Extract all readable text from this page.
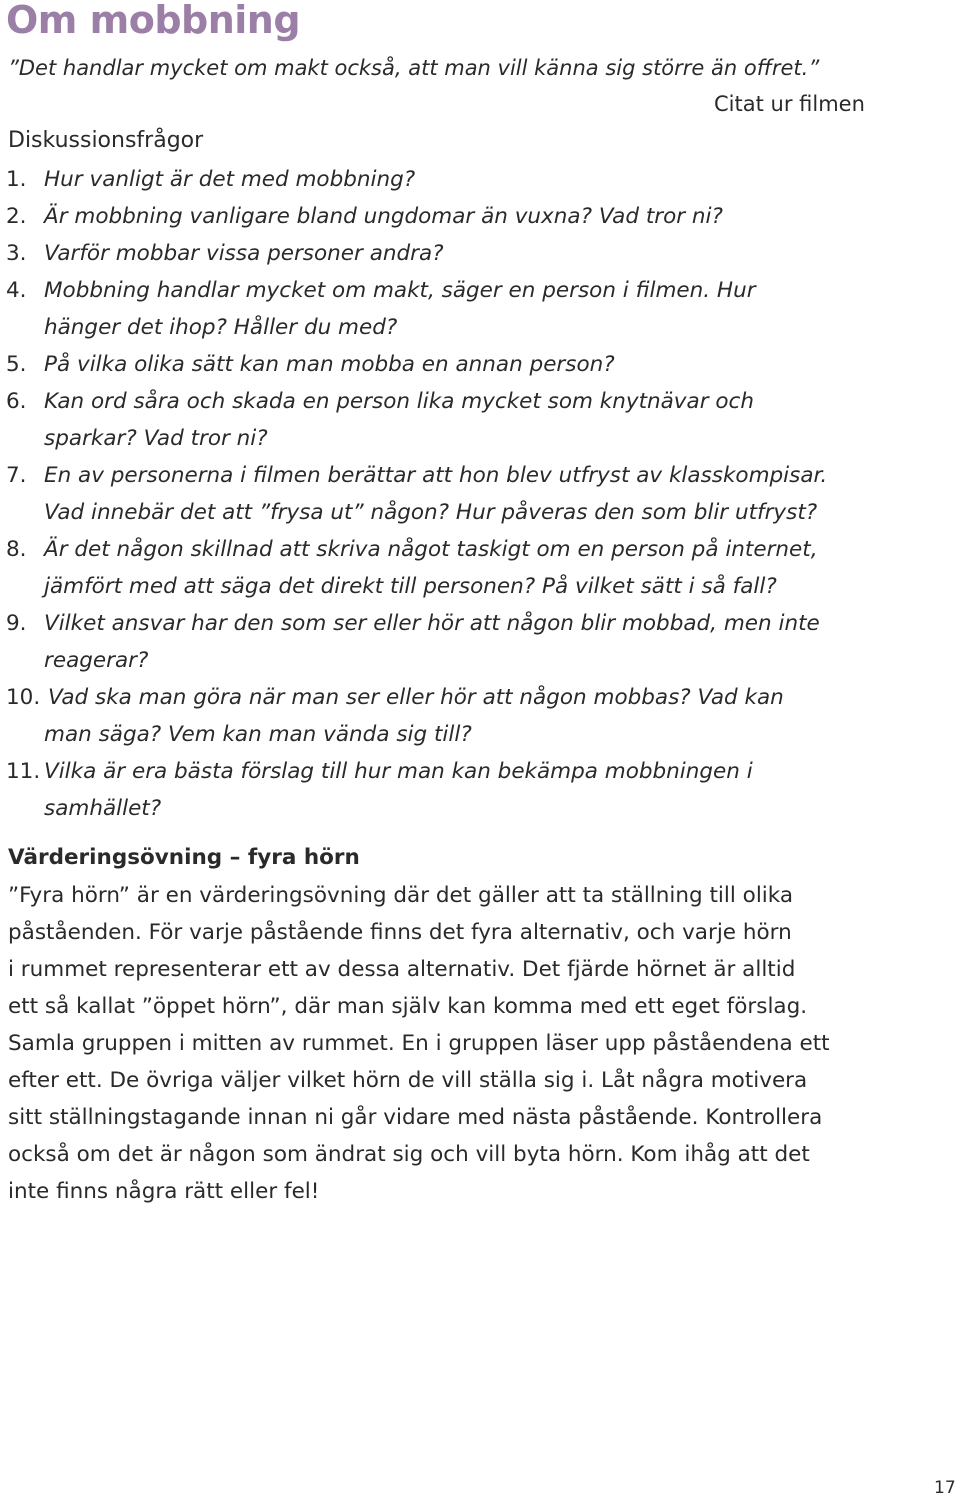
Om mobbning
”Det handlar mycket om makt också, att man vill känna sig större än offret.”
Citat ur filmen
Diskussionsfrågor
1. Hur vanligt är det med mobbning?
2. Är mobbning vanligare bland ungdomar än vuxna? Vad tror ni?
3. Varför mobbar vissa personer andra?
4. Mobbning handlar mycket om makt, säger en person i filmen. Hur
hänger det ihop? Håller du med?
5. På vilka olika sätt kan man mobba en annan person?
6. Kan ord såra och skada en person lika mycket som knytnävar och
sparkar? Vad tror ni?
7. En av personerna i filmen berättar att hon blev utfryst av klasskompisar.
Vad innebär det att ”frysa ut” någon? Hur påveras den som blir utfryst?
8. Är det någon skillnad att skriva något taskigt om en person på internet,
jämfört med att säga det direkt till personen? På vilket sätt i så fall?
9. Vilket ansvar har den som ser eller hör att någon blir mobbad, men inte
reagerar?
10. Vad ska man göra när man ser eller hör att någon mobbas? Vad kan
man säga? Vem kan man vända sig till?
11. Vilka är era bästa förslag till hur man kan bekämpa mobbningen i
samhället?
Värderingsövning – fyra hörn

”Fyra hörn” är en värderingsövning där det gäller att ta ställning till olika
påståenden. För varje påstående finns det fyra alternativ, och varje hörn
i rummet representerar ett av dessa alternativ. Det fjärde hörnet är alltid
ett så kallat ”öppet hörn”, där man själv kan komma med ett eget förslag.
Samla gruppen i mitten av rummet. En i gruppen läser upp påståendena ett
efter ett. De övriga väljer vilket hörn de vill ställa sig i. Låt några motivera
sitt ställningstagande innan ni går vidare med nästa påstående. Kontrollera
också om det är någon som ändrat sig och vill byta hörn. Kom ihåg att det
inte finns några rätt eller fel!

17
